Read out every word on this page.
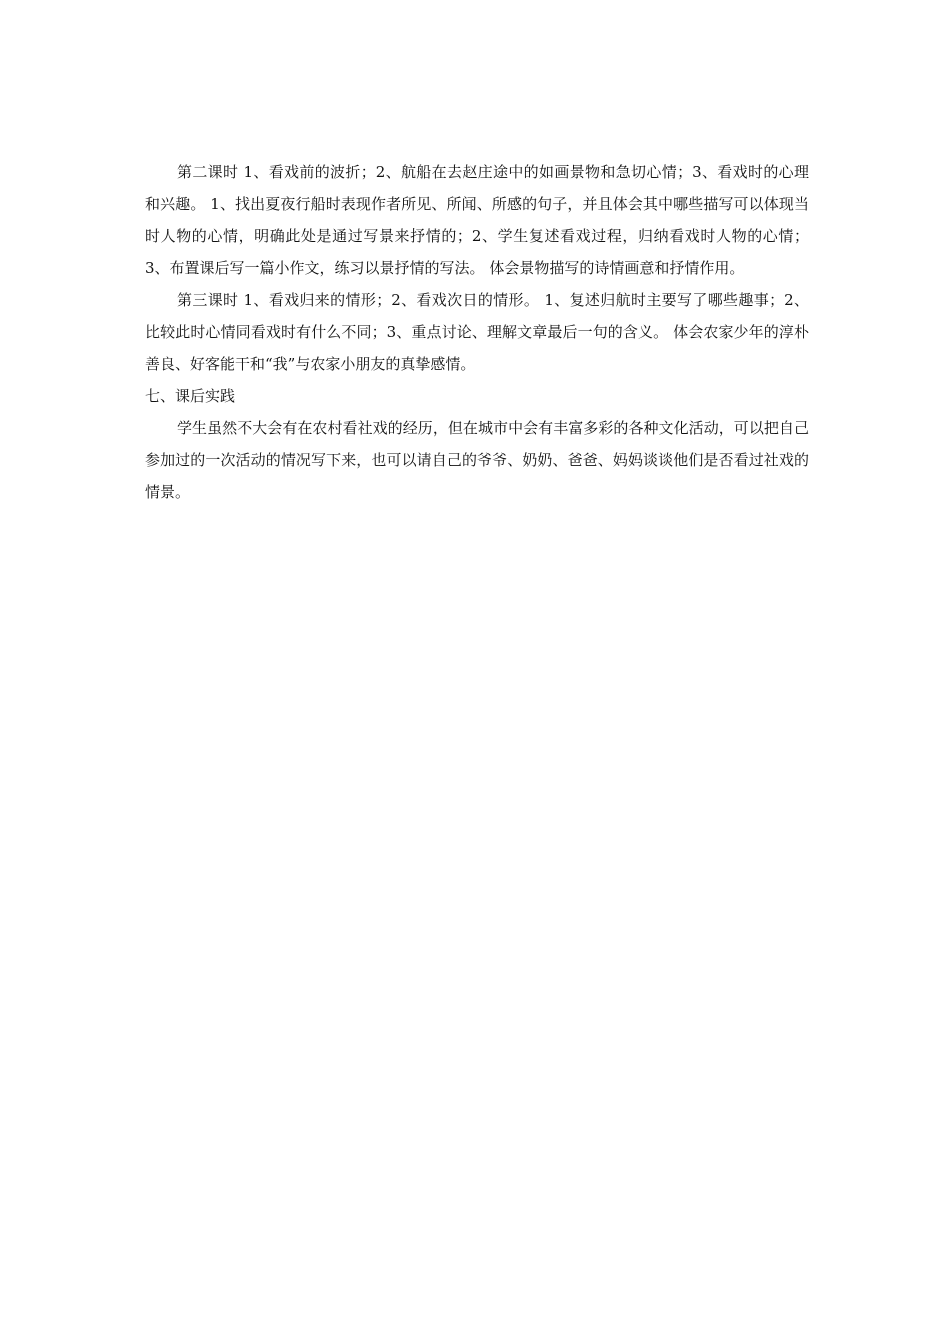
第二课时 1、看戏前的波折；2、航船在去赵庄途中的如画景物和急切心情；3、看戏时的心理和兴趣。 1、找出夏夜行船时表现作者所见、所闻、所感的句子，并且体会其中哪些描写可以体现当时人物的心情，明确此处是通过写景来抒情的；2、学生复述看戏过程，归纳看戏时人物的心情；3、布置课后写一篇小作文，练习以景抒情的写法。 体会景物描写的诗情画意和抒情作用。

第三课时 1、看戏归来的情形；2、看戏次日的情形。 1、复述归航时主要写了哪些趣事；2、比较此时心情同看戏时有什么不同；3、重点讨论、理解文章最后一句的含义。 体会农家少年的淳朴善良、好客能干和“我”与农家小朋友的真挚感情。

七、课后实践

学生虽然不大会有在农村看社戏的经历，但在城市中会有丰富多彩的各种文化活动，可以把自己参加过的一次活动的情况写下来，也可以请自己的爷爷、奶奶、爸爸、妈妈谈谈他们是否看过社戏的情景。
